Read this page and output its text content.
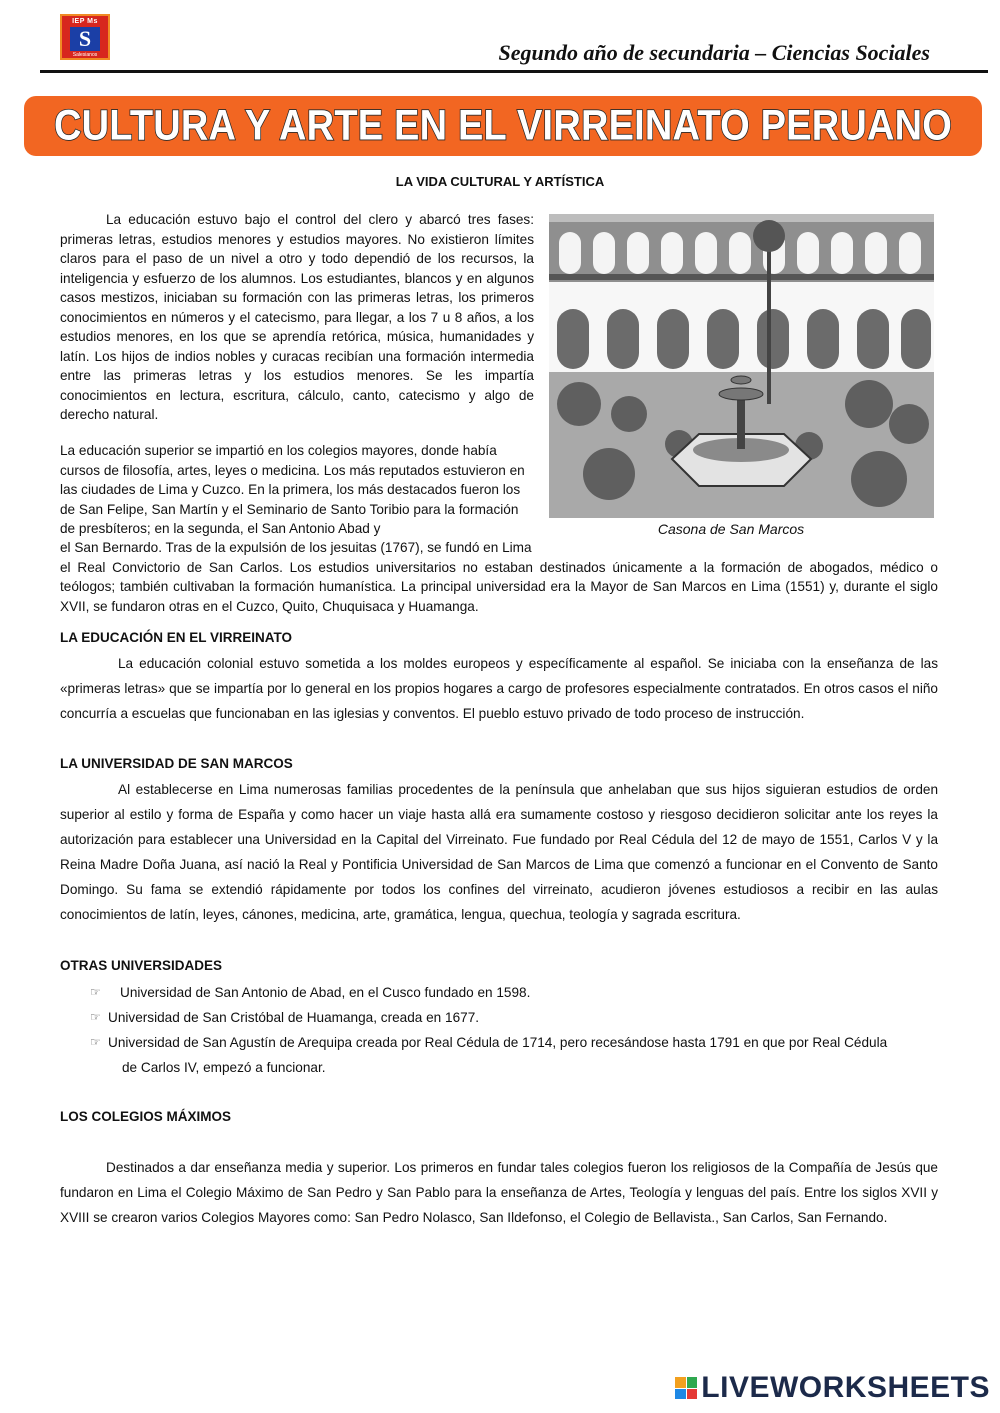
IEP Ms
S
Salesianos	Segundo año de secundaria – Ciencias Sociales
CULTURA Y ARTE EN EL VIRREINATO PERUANO
LA VIDA CULTURAL Y ARTÍSTICA
Casona de San Marcos

La educación estuvo bajo el control del clero y abarcó tres fases: primeras letras, estudios menores y estudios mayores. No existieron límites claros para el paso de un nivel a otro y todo dependió de los recursos, la inteligencia y esfuerzo de los alumnos. Los estudiantes, blancos y en algunos casos mestizos, iniciaban su formación con las primeras letras, los primeros conocimientos en números y el catecismo, para llegar, a los 7 u 8 años, a los estudios menores, en los que se aprendía retórica, música, humanidades y latín. Los hijos de indios nobles y curacas recibían una formación intermedia entre las primeras letras y los estudios menores. Se les impartía conocimientos en lectura, escritura, cálculo, canto, catecismo y algo de derecho natural.

La educación superior se impartió en los colegios mayores, donde había cursos de filosofía, artes, leyes o medicina. Los más reputados estuvieron en las ciudades de Lima y Cuzco. En la primera, los más destacados fueron los de San Felipe, San Martín y el Seminario de Santo Toribio para la formación de presbíteros; en la segunda, el San Antonio Abad y

el San Bernardo. Tras de la expulsión de los jesuitas (1767), se fundó en Lima
el Real Convictorio de San Carlos. Los estudios universitarios no estaban destinados únicamente a la formación de abogados, médico o teólogos; también cultivaban la formación humanística. La principal universidad era la Mayor de San Marcos en Lima (1551) y, durante el siglo XVII, se fundaron otras en el Cuzco, Quito, Chuquisaca y Huamanga.

LA EDUCACIÓN EN EL VIRREINATO

La educación colonial estuvo sometida a los moldes europeos y específicamente al español. Se iniciaba con la enseñanza de las «primeras letras» que se impartía por lo general en los propios hogares a cargo de profesores especialmente contratados. En otros casos el niño concurría a escuelas que funcionaban en las iglesias y conventos. El pueblo estuvo privado de todo proceso de instrucción.

LA UNIVERSIDAD DE SAN MARCOS

Al establecerse en Lima numerosas familias procedentes de la península que anhelaban que sus hijos siguieran estudios de orden superior al estilo y forma de España y como hacer un viaje hasta allá era sumamente costoso y riesgoso decidieron solicitar ante los reyes la autorización para establecer una Universidad en la Capital del Virreinato. Fue fundado por Real Cédula del 12 de mayo de 1551, Carlos V y la Reina Madre Doña Juana, así nació la Real y Pontificia Universidad de San Marcos de Lima que comenzó a funcionar en el Convento de Santo Domingo. Su fama se extendió rápidamente por todos los confines del virreinato, acudieron jóvenes estudiosos a recibir en las aulas conocimientos de latín, leyes, cánones, medicina, arte, gramática, lengua, quechua, teología y sagrada escritura.

OTRAS UNIVERSIDADES
☞ Universidad de San Antonio de Abad, en el Cusco fundado en 1598.
☞ Universidad de San Cristóbal de Huamanga, creada en 1677.
☞ Universidad de San Agustín de Arequipa creada por Real Cédula de 1714, pero recesándose hasta 1791 en que por Real Cédula
de Carlos IV, empezó a funcionar.
LOS COLEGIOS MÁXIMOS

Destinados a dar enseñanza media y superior. Los primeros en fundar tales colegios fueron los religiosos de la Compañía de Jesús que fundaron en Lima el Colegio Máximo de San Pedro y San Pablo para la enseñanza de Artes, Teología y lenguas del país. Entre los siglos XVII y XVIII se crearon varios Colegios Mayores como: San Pedro Nolasco, San Ildefonso, el Colegio de Bellavista., San Carlos, San Fernando.

LIVEWORKSHEETS
